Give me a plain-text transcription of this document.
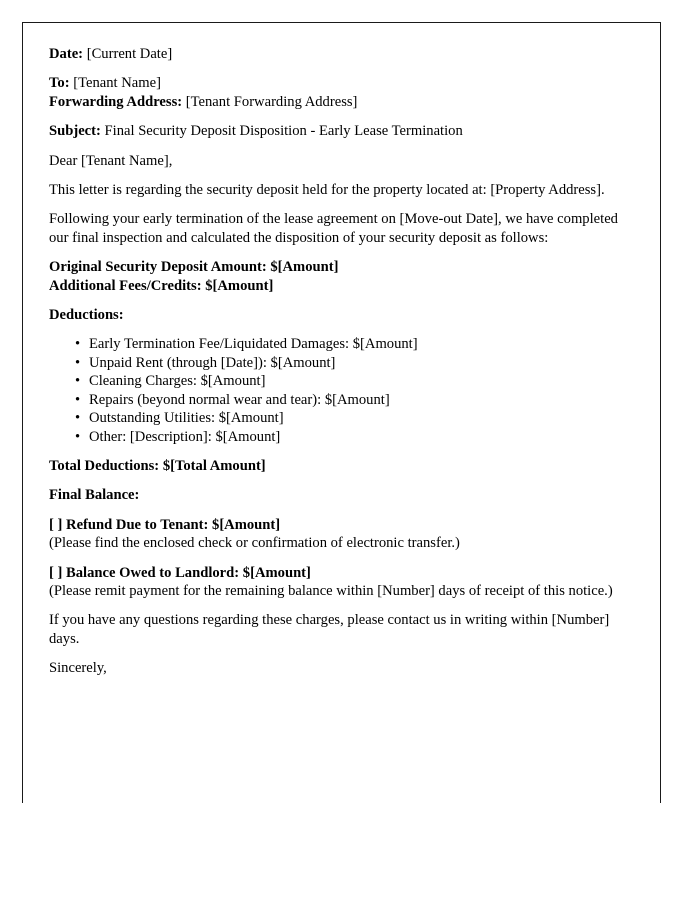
Date: [Current Date]

To: [Tenant Name]

Forwarding Address: [Tenant Forwarding Address]

Subject: Final Security Deposit Disposition - Early Lease Termination

Dear [Tenant Name],

This letter is regarding the security deposit held for the property located at: [Property Address].

Following your early termination of the lease agreement on [Move-out Date], we have completed our final inspection and calculated the disposition of your security deposit as follows:

Original Security Deposit Amount: $[Amount]

Additional Fees/Credits: $[Amount]

Deductions:

• Early Termination Fee/Liquidated Damages: $[Amount]
• Unpaid Rent (through [Date]): $[Amount]
• Cleaning Charges: $[Amount]
• Repairs (beyond normal wear and tear): $[Amount]
• Outstanding Utilities: $[Amount]
• Other: [Description]: $[Amount]

Total Deductions: $[Total Amount]

Final Balance:

[ ] Refund Due to Tenant: $[Amount]

(Please find the enclosed check or confirmation of electronic transfer.)

[ ] Balance Owed to Landlord: $[Amount]

(Please remit payment for the remaining balance within [Number] days of receipt of this notice.)

If you have any questions regarding these charges, please contact us in writing within [Number] days.

Sincerely,
